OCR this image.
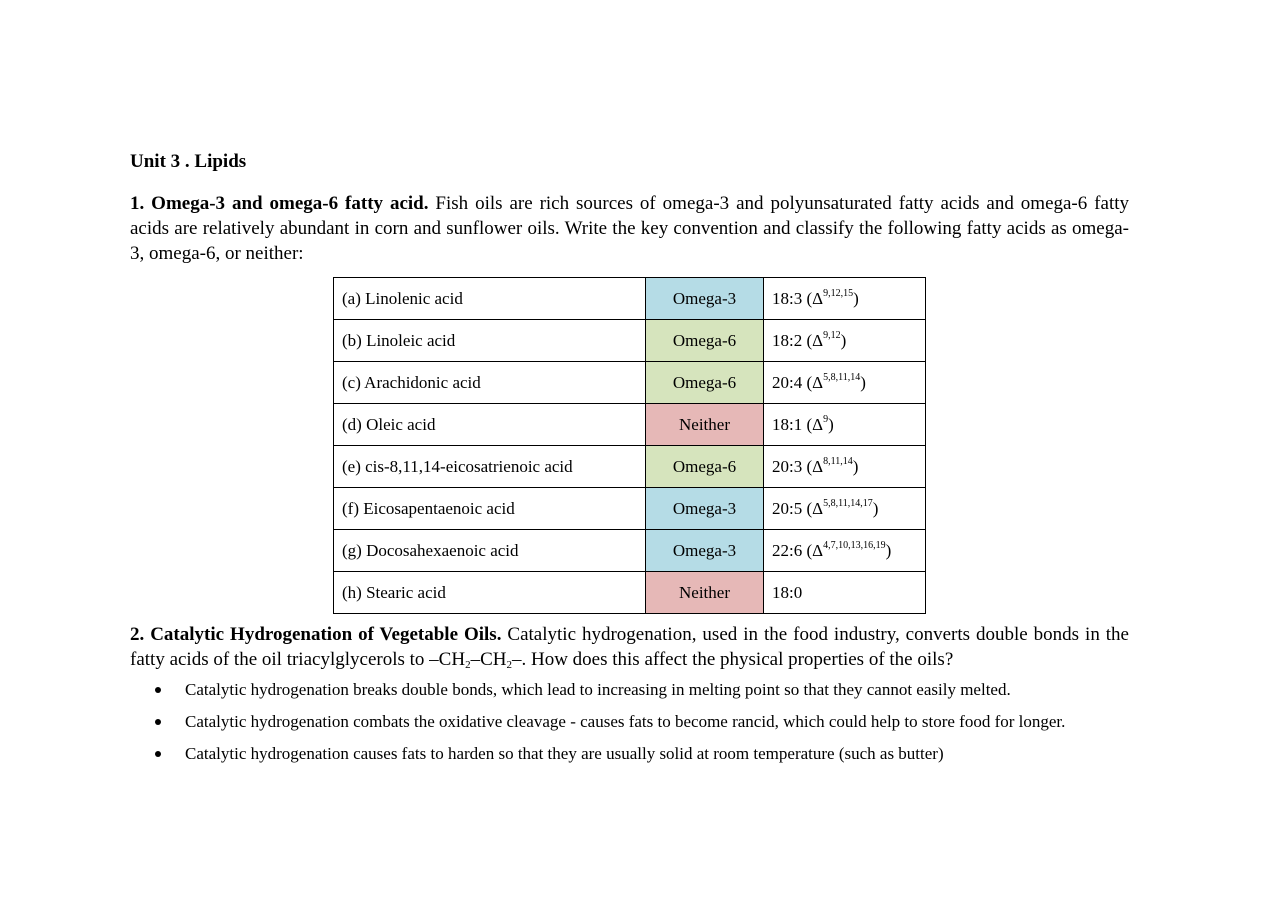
Unit 3 . Lipids

1. Omega-3 and omega-6 fatty acid. Fish oils are rich sources of omega-3 and polyunsaturated fatty acids and omega-6 fatty acids are relatively abundant in corn and sunflower oils. Write the key convention and classify the following fatty acids as omega-3, omega-6, or neither:

(a) Linolenic acid	Omega-3	18:3 $(\Delta^{9,12,15})$
(b) Linoleic acid	Omega-6	18:2 $(\Delta^{9,12})$
(c) Arachidonic acid	Omega-6	20:4 $(\Delta^{5,8,11,14})$
(d) Oleic acid	Neither	18:1 $(\Delta^9)$
(e) cis-8,11,14-eicosatrienoic acid	Omega-6	20:3 $(\Delta^{8,11,14})$
(f) Eicosapentaenoic acid	Omega-3	20:5 $(\Delta^{5,8,11,14,17})$
(g) Docosahexaenoic acid	Omega-3	22:6 $(\Delta^{4,7,10,13,16,19})$
(h) Stearic acid	Neither	18:0

2. Catalytic Hydrogenation of Vegetable Oils. Catalytic hydrogenation, used in the food industry, converts double bonds in the fatty acids of the oil triacylglycerols to $-CH_2-CH_2-$. How does this affect the physical properties of the oils?

Catalytic hydrogenation breaks double bonds, which lead to increasing in melting point so that they cannot easily melted.
Catalytic hydrogenation combats the oxidative cleavage - causes fats to become rancid, which could help to store food for longer.
Catalytic hydrogenation causes fats to harden so that they are usually solid at room temperature (such as butter)
